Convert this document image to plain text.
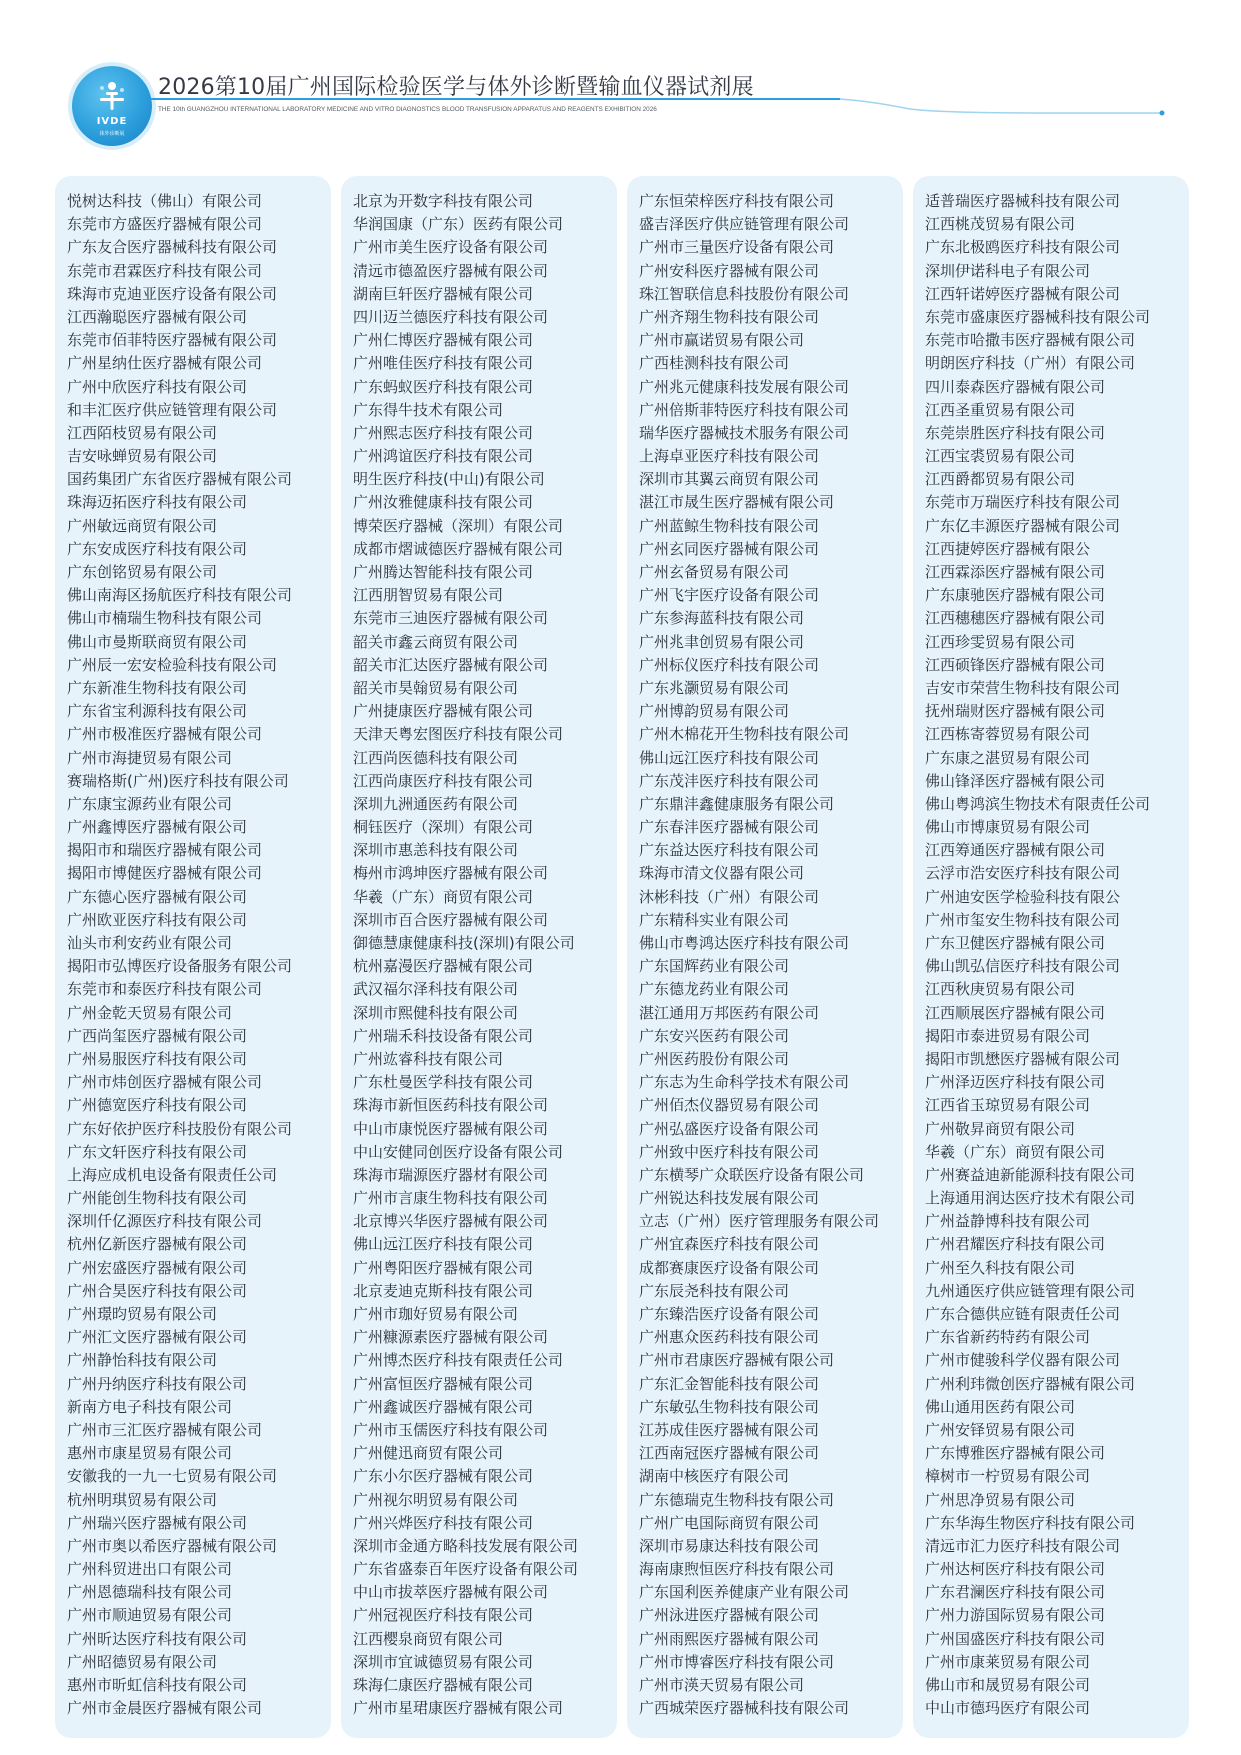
IVDE
体外诊断展
2026第10届广州国际检验医学与体外诊断暨输血仪器试剂展
THE 10th GUANGZHOU INTERNATIONAL LABORATORY MEDICINE AND VITRO DIAGNOSTICS BLOOD TRANSFUSION APPARATUS AND REAGENTS EXHIBITION 2026
悦树达科技（佛山）有限公司
东莞市方盛医疗器械有限公司
广东友合医疗器械科技有限公司
东莞市君霖医疗科技有限公司
珠海市克迪亚医疗设备有限公司
江西瀚聪医疗器械有限公司
东莞市佰菲特医疗器械有限公司
广州星纳仕医疗器械有限公司
广州中欣医疗科技有限公司
和丰汇医疗供应链管理有限公司
江西陌枝贸易有限公司
吉安咏蝉贸易有限公司
国药集团广东省医疗器械有限公司
珠海迈拓医疗科技有限公司
广州敏远商贸有限公司
广东安成医疗科技有限公司
广东创铭贸易有限公司
佛山南海区扬航医疗科技有限公司
佛山市楠瑞生物科技有限公司
佛山市曼斯联商贸有限公司
广州辰一宏安检验科技有限公司
广东新准生物科技有限公司
广东省宝利源科技有限公司
广州市极准医疗器械有限公司
广州市海捷贸易有限公司
赛瑞格斯(广州)医疗科技有限公司
广东康宝源药业有限公司
广州鑫博医疗器械有限公司
揭阳市和瑞医疗器械有限公司
揭阳市博健医疗器械有限公司
广东德心医疗器械有限公司
广州欧亚医疗科技有限公司
汕头市利安药业有限公司
揭阳市弘博医疗设备服务有限公司
东莞市和泰医疗科技有限公司
广州金乾天贸易有限公司
广西尚玺医疗器械有限公司
广州易服医疗科技有限公司
广州市炜创医疗器械有限公司
广州德宽医疗科技有限公司
广东好依护医疗科技股份有限公司
广东文轩医疗科技有限公司
上海应成机电设备有限责任公司
广州能创生物科技有限公司
深圳仟亿源医疗科技有限公司
杭州亿新医疗器械有限公司
广州宏盛医疗器械有限公司
广州合昊医疗科技有限公司
广州璟昀贸易有限公司
广州汇文医疗器械有限公司
广州静怡科技有限公司
广州丹纳医疗科技有限公司
新南方电子科技有限公司
广州市三汇医疗器械有限公司
惠州市康星贸易有限公司
安徽我的一九一七贸易有限公司
杭州明琪贸易有限公司
广州瑞兴医疗器械有限公司
广州市奥以希医疗器械有限公司
广州科贸进出口有限公司
广州恩德瑞科技有限公司
广州市顺迪贸易有限公司
广州昕达医疗科技有限公司
广州昭德贸易有限公司
惠州市昕虹信科技有限公司
广州市金晨医疗器械有限公司
北京为开数字科技有限公司
华润国康（广东）医药有限公司
广州市美生医疗设备有限公司
清远市德盈医疗器械有限公司
湖南巨轩医疗器械有限公司
四川迈兰德医疗科技有限公司
广州仁博医疗器械有限公司
广州唯佳医疗科技有限公司
广东蚂蚁医疗科技有限公司
广东得牛技术有限公司
广州熙志医疗科技有限公司
广州鸿谊医疗科技有限公司
明生医疗科技(中山)有限公司
广州汝雅健康科技有限公司
博荣医疗器械（深圳）有限公司
成都市熠诚德医疗器械有限公司
广州腾达智能科技有限公司
江西朋智贸易有限公司
东莞市三迪医疗器械有限公司
韶关市鑫云商贸有限公司
韶关市汇达医疗器械有限公司
韶关市昊翰贸易有限公司
广州捷康医疗器械有限公司
天津天粤宏图医疗科技有限公司
江西尚医德科技有限公司
江西尚康医疗科技有限公司
深圳九洲通医药有限公司
桐钰医疗（深圳）有限公司
深圳市惠恙科技有限公司
梅州市鸿坤医疗器械有限公司
华羲（广东）商贸有限公司
深圳市百合医疗器械有限公司
御德慧康健康科技(深圳)有限公司
杭州嘉漫医疗器械有限公司
武汉福尔泽科技有限公司
深圳市熙健科技有限公司
广州瑞禾科技设备有限公司
广州竑睿科技有限公司
广东杜曼医学科技有限公司
珠海市新恒医药科技有限公司
中山市康悦医疗器械有限公司
中山安健同创医疗设备有限公司
珠海市瑞源医疗器材有限公司
广州市言康生物科技有限公司
北京博兴华医疗器械有限公司
佛山远江医疗科技有限公司
广州粤阳医疗器械有限公司
北京麦迪克斯科技有限公司
广州市珈好贸易有限公司
广州糠源素医疗器械有限公司
广州博杰医疗科技有限责任公司
广州富恒医疗器械有限公司
广州鑫诚医疗器械有限公司
广州市玉儒医疗科技有限公司
广州健迅商贸有限公司
广东小尔医疗器械有限公司
广州视尔明贸易有限公司
广州兴烨医疗科技有限公司
深圳市金通方略科技发展有限公司
广东省盛泰百年医疗设备有限公司
中山市拔萃医疗器械有限公司
广州冠视医疗科技有限公司
江西樱泉商贸有限公司
深圳市宜诚德贸易有限公司
珠海仁康医疗器械有限公司
广州市星珺康医疗器械有限公司
广东恒荣梓医疗科技有限公司
盛吉泽医疗供应链管理有限公司
广州市三量医疗设备有限公司
广州安科医疗器械有限公司
珠江智联信息科技股份有限公司
广州齐翔生物科技有限公司
广州市赢诺贸易有限公司
广西桂测科技有限公司
广州兆元健康科技发展有限公司
广州倍斯菲特医疗科技有限公司
瑞华医疗器械技术服务有限公司
上海卓亚医疗科技有限公司
深圳市其翼云商贸有限公司
湛江市晟生医疗器械有限公司
广州蓝鲸生物科技有限公司
广州玄同医疗器械有限公司
广州玄备贸易有限公司
广州飞宇医疗设备有限公司
广东参海蓝科技有限公司
广州兆聿创贸易有限公司
广州标仪医疗科技有限公司
广东兆灏贸易有限公司
广州博韵贸易有限公司
广州木棉花开生物科技有限公司
佛山远江医疗科技有限公司
广东茂沣医疗科技有限公司
广东鼎沣鑫健康服务有限公司
广东春沣医疗器械有限公司
广东益达医疗科技有限公司
珠海市清文仪器有限公司
沐彬科技（广州）有限公司
广东精科实业有限公司
佛山市粤鸿达医疗科技有限公司
广东国辉药业有限公司
广东德龙药业有限公司
湛江通用万邦医药有限公司
广东安兴医药有限公司
广州医药股份有限公司
广东志为生命科学技术有限公司
广州佰杰仪器贸易有限公司
广州弘盛医疗设备有限公司
广州致中医疗科技有限公司
广东横琴广众联医疗设备有限公司
广州锐达科技发展有限公司
立志（广州）医疗管理服务有限公司
广州宜森医疗科技有限公司
成都赛康医疗设备有限公司
广东辰尧科技有限公司
广东臻浩医疗设备有限公司
广州惠众医药科技有限公司
广州市君康医疗器械有限公司
广东汇金智能科技有限公司
广东敏弘生物科技有限公司
江苏成佳医疗器械有限公司
江西南冠医疗器械有限公司
湖南中核医疗有限公司
广东德瑞克生物科技有限公司
广州广电国际商贸有限公司
深圳市易康达科技有限公司
海南康煦恒医疗科技有限公司
广东国利医养健康产业有限公司
广州泳进医疗器械有限公司
广州雨熙医疗器械有限公司
广州市博睿医疗科技有限公司
广州市渶天贸易有限公司
广西城荣医疗器械科技有限公司
适普瑞医疗器械科技有限公司
江西桃茂贸易有限公司
广东北极鸥医疗科技有限公司
深圳伊诺科电子有限公司
江西轩诺婷医疗器械有限公司
东莞市盛康医疗器械科技有限公司
东莞市哈撒韦医疗器械有限公司
明朗医疗科技（广州）有限公司
四川泰森医疗器械有限公司
江西圣重贸易有限公司
东莞崇胜医疗科技有限公司
江西宝裘贸易有限公司
江西爵都贸易有限公司
东莞市万瑞医疗科技有限公司
广东亿丰源医疗器械有限公司
江西捷婷医疗器械有限公
江西霖添医疗器械有限公司
广东康驰医疗器械有限公司
江西穗穗医疗器械有限公司
江西珍雯贸易有限公司
江西硕锋医疗器械有限公司
吉安市荣营生物科技有限公司
抚州瑞财医疗器械有限公司
江西栋寄蓉贸易有限公司
广东康之湛贸易有限公司
佛山锋泽医疗器械有限公司
佛山粤鸿滨生物技术有限责任公司
佛山市博康贸易有限公司
江西筹通医疗器械有限公司
云浮市浩安医疗科技有限公司
广州迪安医学检验科技有限公
广州市玺安生物科技有限公司
广东卫健医疗器械有限公司
佛山凯弘信医疗科技有限公司
江西秋庚贸易有限公司
江西顺展医疗器械有限公司
揭阳市泰进贸易有限公司
揭阳市凯懋医疗器械有限公司
广州泽迈医疗科技有限公司
江西省玉琼贸易有限公司
广州敬昇商贸有限公司
华羲（广东）商贸有限公司
广州赛益迪新能源科技有限公司
上海通用润达医疗技术有限公司
广州益静博科技有限公司
广州君耀医疗科技有限公司
广州至久科技有限公司
九州通医疗供应链管理有限公司
广东合德供应链有限责任公司
广东省新药特药有限公司
广州市健骏科学仪器有限公司
广州利玮微创医疗器械有限公司
佛山通用医药有限公司
广州安铎贸易有限公司
广东博雅医疗器械有限公司
樟树市一柠贸易有限公司
广州思净贸易有限公司
广东华海生物医疗科技有限公司
清远市汇力医疗科技有限公司
广州达柯医疗科技有限公司
广东君澜医疗科技有限公司
广州力游国际贸易有限公司
广州国盛医疗科技有限公司
广州市康莱贸易有限公司
佛山市和晟贸易有限公司
中山市德玛医疗有限公司
